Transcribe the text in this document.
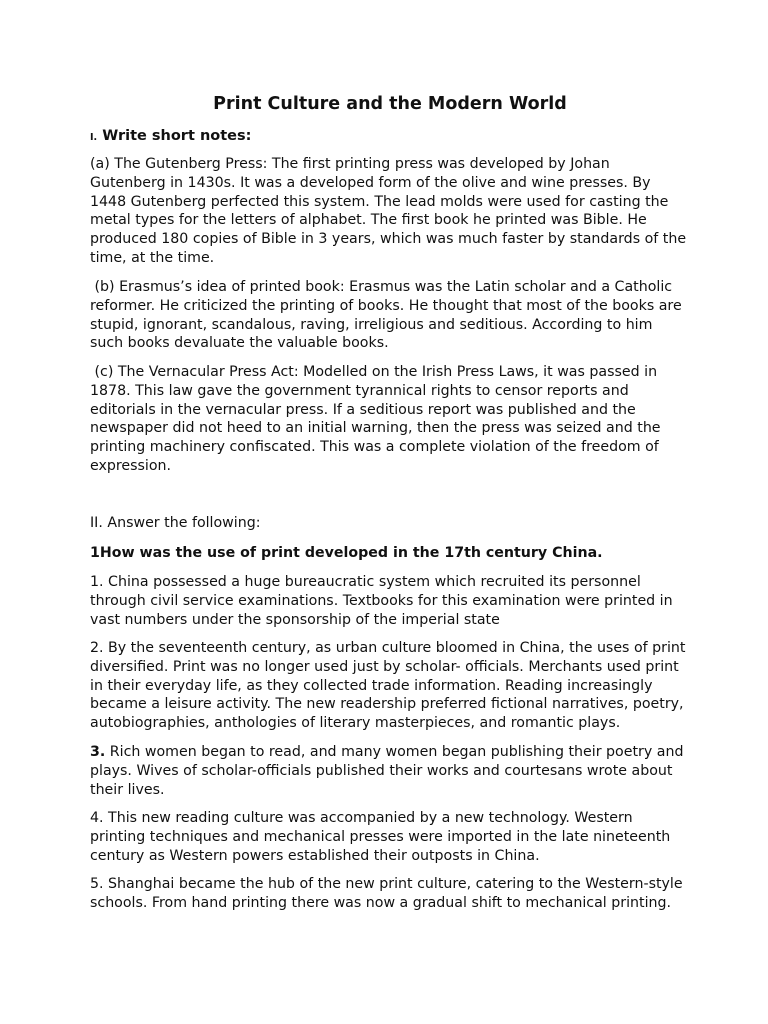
Print Culture and the Modern World
I. Write short notes:
(a) The Gutenberg Press: The first printing press was developed by Johan
Gutenberg in 1430s. It was a developed form of the olive and wine presses. By
1448 Gutenberg perfected this system. The lead molds were used for casting the
metal types for the letters of alphabet. The first book he printed was Bible. He
produced 180 copies of Bible in 3 years, which was much faster by standards of the
time, at the time.
(b) Erasmus’s idea of printed book: Erasmus was the Latin scholar and a Catholic
reformer. He criticized the printing of books. He thought that most of the books are
stupid, ignorant, scandalous, raving, irreligious and seditious. According to him
such books devaluate the valuable books.
(c) The Vernacular Press Act: Modelled on the Irish Press Laws, it was passed in
1878. This law gave the government tyrannical rights to censor reports and
editorials in the vernacular press. If a seditious report was published and the
newspaper did not heed to an initial warning, then the press was seized and the
printing machinery confiscated. This was a complete violation of the freedom of
expression.
II. Answer the following:
1How was the use of print developed in the 17th century China.
1. China possessed a huge bureaucratic system which recruited its personnel
through civil service examinations. Textbooks for this examination were printed in
vast numbers under the sponsorship of the imperial state
2. By the seventeenth century, as urban culture bloomed in China, the uses of print
diversified. Print was no longer used just by scholar- officials. Merchants used print
in their everyday life, as they collected trade information. Reading increasingly
became a leisure activity. The new readership preferred fictional narratives, poetry,
autobiographies, anthologies of literary masterpieces, and romantic plays.
3. Rich women began to read, and many women began publishing their poetry and
plays. Wives of scholar-officials published their works and courtesans wrote about
their lives.
4. This new reading culture was accompanied by a new technology. Western
printing techniques and mechanical presses were imported in the late nineteenth
century as Western powers established their outposts in China.
5. Shanghai became the hub of the new print culture, catering to the Western-style
schools. From hand printing there was now a gradual shift to mechanical printing.
